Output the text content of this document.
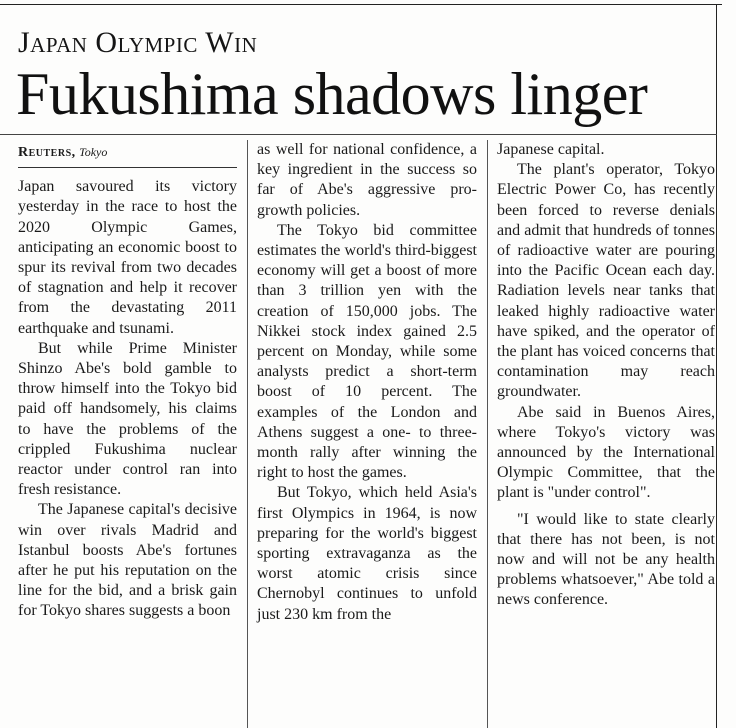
Japan Olympic Win
Fukushima shadows linger
Reuters, Tokyo

Japan savoured its victory yesterday in the race to host the 2020 Olympic Games, anticipating an economic boost to spur its revival from two decades of stagnation and help it recover from the devastating 2011 earthquake and tsunami.

But while Prime Minister Shinzo Abe's bold gamble to throw himself into the Tokyo bid paid off handsomely, his claims to have the problems of the crippled Fukushima nuclear reactor under control ran into fresh resistance.

The Japanese capital's decisive win over rivals Madrid and Istanbul boosts Abe's fortunes after he put his reputation on the line for the bid, and a brisk gain for Tokyo shares suggests a boon

as well for national confidence, a key ingredient in the success so far of Abe's aggressive pro-growth policies.

The Tokyo bid committee estimates the world's third-biggest economy will get a boost of more than 3 trillion yen with the creation of 150,000 jobs. The Nikkei stock index gained 2.5 percent on Monday, while some analysts predict a short-term boost of 10 percent. The examples of the London and Athens suggest a one- to three-month rally after winning the right to host the games.

But Tokyo, which held Asia's first Olympics in 1964, is now preparing for the world's biggest sporting extravaganza as the worst atomic crisis since Chernobyl continues to unfold just 230 km from the

Japanese capital.

The plant's operator, Tokyo Electric Power Co, has recently been forced to reverse denials and admit that hundreds of tonnes of radioactive water are pouring into the Pacific Ocean each day. Radiation levels near tanks that leaked highly radioactive water have spiked, and the operator of the plant has voiced concerns that contamination may reach groundwater.

Abe said in Buenos Aires, where Tokyo's victory was announced by the International Olympic Committee, that the plant is "under control".

"I would like to state clearly that there has not been, is not now and will not be any health problems whatsoever," Abe told a news conference.
